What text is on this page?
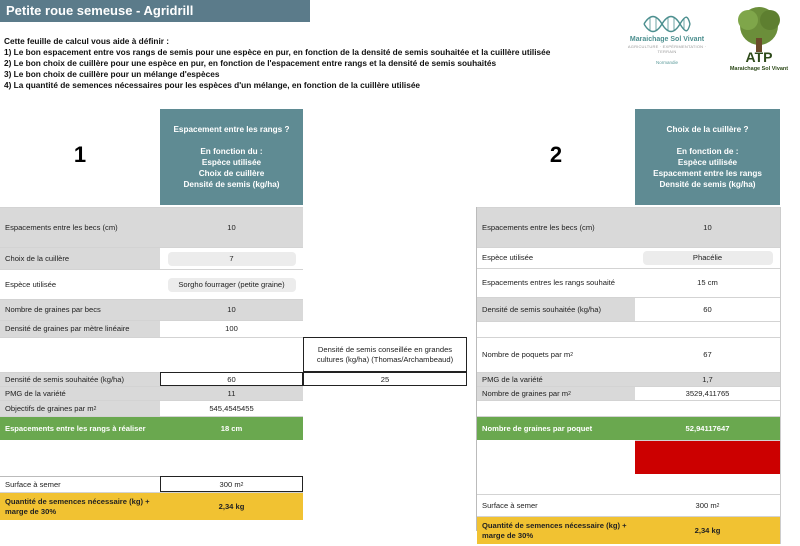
Petite roue semeuse - Agridrill
Cette feuille de calcul vous aide à définir :
1) Le bon espacement entre vos rangs de semis pour une espèce en pur, en fonction de la densité de semis souhaitée et la cuillère utilisée
2) Le bon choix de cuillère pour une espèce en pur, en fonction de l'espacement entre rangs et la densité de semis souhaités
3) Le bon choix de cuillère pour un mélange d'espèces
4) La quantité de semences nécessaires pour les espèces d'un mélange, en fonction de la cuillère utilisée
Maraichage Sol Vivant
AGRICULTURE · EXPÉRIMENTATION · TERRAIN
Normandie	ATP
Maraichage Sol Vivant
1
Espacement entre les rangs ?
En fonction du :
Espèce utilisée
Choix de cuillère
Densité de semis (kg/ha)
Espacements entre les becs (cm)	10
Choix de la cuillère	7
Espèce utilisée	Sorgho fourrager (petite graine)
Nombre de graines par becs	10
Densité de graines par mètre linéaire	100
Densité de semis conseillée en grandes cultures (kg/ha) (Thomas/Archambeaud)
Densité de semis souhaitée (kg/ha)	60	25
PMG de la variété	11
Objectifs de graines par m 2	545,4545455
Espacements entre les rangs à réaliser	18 cm
Surface à semer	300 m 2
Quantité de semences nécessaire (kg) + marge de 30%	2,34 kg
2
Choix de la cuillère ?
En fonction de :
Espèce utilisée
Espacement entre les rangs
Densité de semis (kg/ha)
Espacements entre les becs (cm)	10
Espèce utilisée	Phacélie
Espacements entres les rangs souhaité	15 cm
Densité de semis souhaitée (kg/ha)	60
Nombre de poquets par m 2	67
PMG de la variété	1,7
Nombre de graines par m 2	3529,411765
Nombre de graines par poquet	52,94117647
Surface à semer	300 m 2
Quantité de semences nécessaire (kg) + marge de 30%	2,34 kg
